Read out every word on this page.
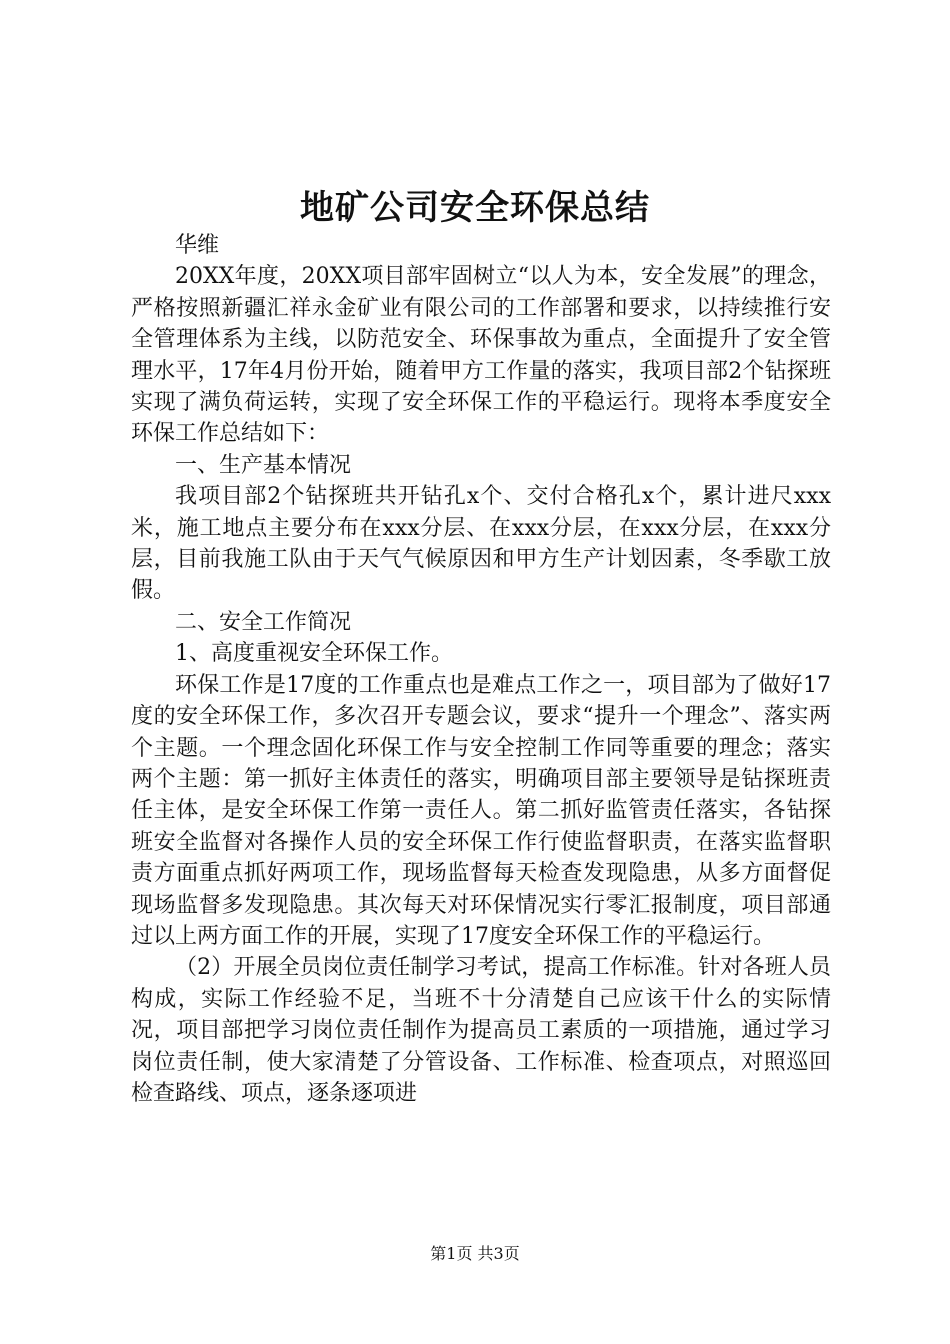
地矿公司安全环保总结

华维

20XX年度，20XX项目部牢固树立“以人为本，安全发展”的理念，严格按照新疆汇祥永金矿业有限公司的工作部署和要求，以持续推行安全管理体系为主线，以防范安全、环保事故为重点，全面提升了安全管理水平，17年4月份开始，随着甲方工作量的落实，我项目部2个钻探班实现了满负荷运转，实现了安全环保工作的平稳运行。现将本季度安全环保工作总结如下：

一、生产基本情况

我项目部2个钻探班共开钻孔x个、交付合格孔x个，累计进尺xxx米，施工地点主要分布在xxx分层、在xxx分层，在xxx分层，在xxx分层，目前我施工队由于天气气候原因和甲方生产计划因素，冬季歇工放假。

二、安全工作简况

1、高度重视安全环保工作。

环保工作是17度的工作重点也是难点工作之一，项目部为了做好17度的安全环保工作，多次召开专题会议，要求“提升一个理念”、落实两个主题。一个理念固化环保工作与安全控制工作同等重要的理念；落实两个主题：第一抓好主体责任的落实，明确项目部主要领导是钻探班责任主体，是安全环保工作第一责任人。第二抓好监管责任落实，各钻探班安全监督对各操作人员的安全环保工作行使监督职责，在落实监督职责方面重点抓好两项工作，现场监督每天检查发现隐患，从多方面督促现场监督多发现隐患。其次每天对环保情况实行零汇报制度，项目部通过以上两方面工作的开展，实现了17度安全环保工作的平稳运行。

（2）开展全员岗位责任制学习考试，提高工作标准。针对各班人员构成，实际工作经验不足，当班不十分清楚自己应该干什么的实际情况，项目部把学习岗位责任制作为提高员工素质的一项措施，通过学习岗位责任制，使大家清楚了分管设备、工作标准、检查项点，对照巡回检查路线、项点，逐条逐项进

第1页 共3页
